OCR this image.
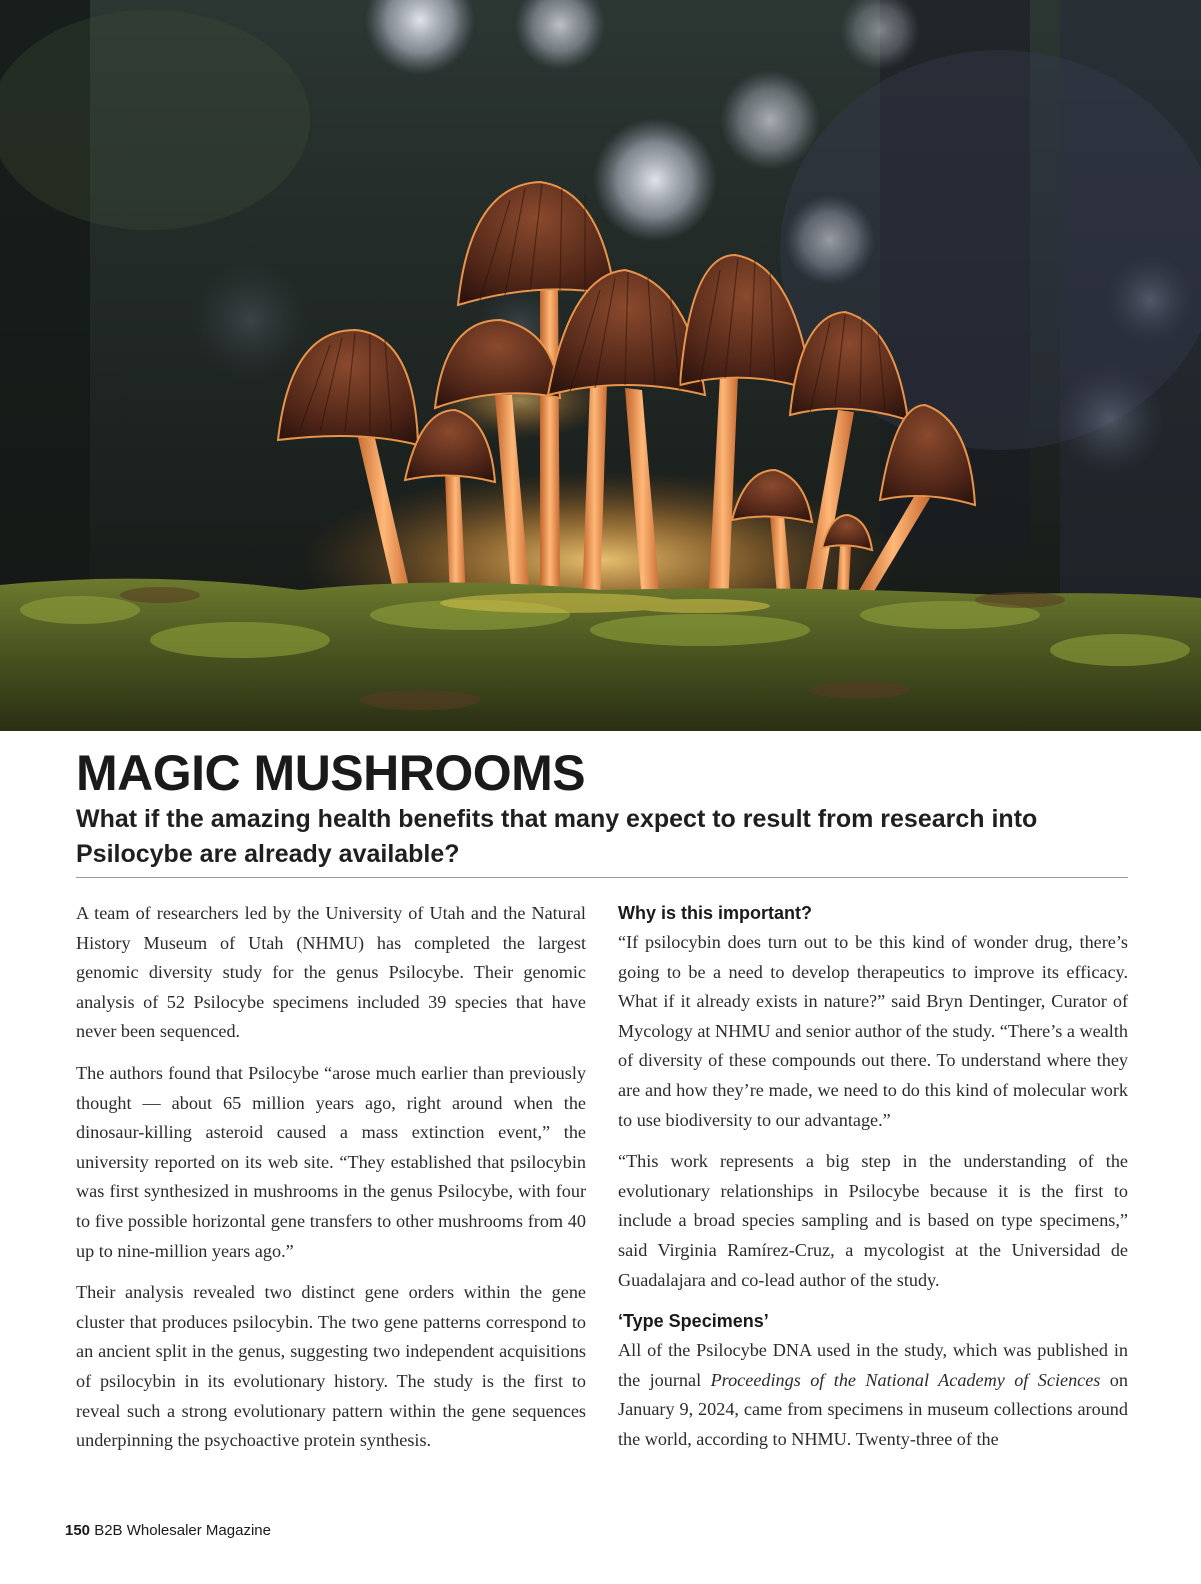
MAGIC MUSHROOMS
What if the amazing health benefits that many expect to result from research into Psilocybe are already available?

A team of researchers led by the University of Utah and the Natural History Museum of Utah (NHMU) has completed the largest genomic diversity study for the genus Psilocybe. Their genomic analysis of 52 Psilocybe specimens included 39 species that have never been sequenced.

The authors found that Psilocybe “arose much earlier than previously thought — about 65 million years ago, right around when the dinosaur-killing asteroid caused a mass extinction event,” the university reported on its web site. “They established that psilocybin was first synthesized in mushrooms in the genus Psilocybe, with four to five possible horizontal gene transfers to other mushrooms from 40 up to nine-million years ago.”

Their analysis revealed two distinct gene orders within the gene cluster that produces psilocybin. The two gene patterns correspond to an ancient split in the genus, suggesting two independent acquisitions of psilocybin in its evolutionary history. The study is the first to reveal such a strong evolutionary pattern within the gene sequences underpinning the psychoactive protein synthesis.

Why is this important?

“If psilocybin does turn out to be this kind of wonder drug, there’s going to be a need to develop therapeutics to improve its efficacy. What if it already exists in nature?” said Bryn Dentinger, Curator of Mycology at NHMU and senior author of the study. “There’s a wealth of diversity of these compounds out there. To understand where they are and how they’re made, we need to do this kind of molecular work to use biodiversity to our advantage.”

“This work represents a big step in the understanding of the evolutionary relationships in Psilocybe because it is the first to include a broad species sampling and is based on type specimens,” said Virginia Ramírez-Cruz, a mycologist at the Universidad de Guadalajara and co-lead author of the study.

‘Type Specimens’

All of the Psilocybe DNA used in the study, which was published in the journal Proceedings of the National Academy of Sciences on January 9, 2024, came from specimens in museum collections around the world, according to NHMU. Twenty-three of the

150 B2B Wholesaler Magazine
